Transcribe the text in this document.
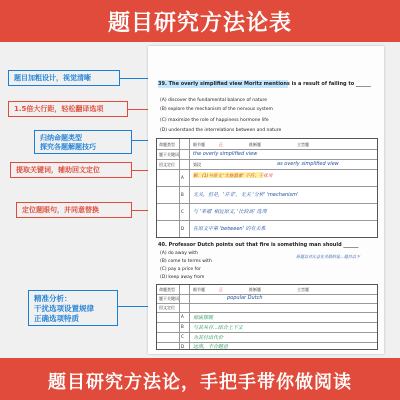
题目研究方法论表
题目加粗设计，视觉清晰
1.5倍大行距，轻松翻译选项
归纳命题类型
探究各题解题技巧
提取关键词，辅助回文定位
定位题眼句，并同意替换
精准分析：
干扰选项设置规律
正确选项特质
39. The overly simplified view Moritz mentions is a result of failing to ______
(A) discover the fundamental balance of nature
(B) explore the mechanism of the nervous system
(C) maximize the role of happiness hormone life
(D) understand the interrelations between and nature
命题类型	细节题	正	推断题	主旨题
题干关键词	the overly simplified view
回文定位	第段	as overly simplified view
A 解：(1)与原文 '大脑激素' 不符；干扰项
B 无关，但是，'并非'，无关 '分析' 'mechanism'
C 与 '幸福' 相近原文, '比较高' 选项
D 在原文中第 'between' 的有关系
40. Professor Dutch points out that fire is something man should ______
(A) do away with
(B) come to terms with
(C) pay a price for
(D) keep away from
原题以对比意在关联的是...题目以下
命题类型	细节题	正	推断题	主旨题
题干关键词	popular Dutch
回文定位
A 彻底摆脱
B 与其共存...结合上下文
C 为其付出代价
D 远离，不合题意
题目研究方法论，手把手带你做阅读
